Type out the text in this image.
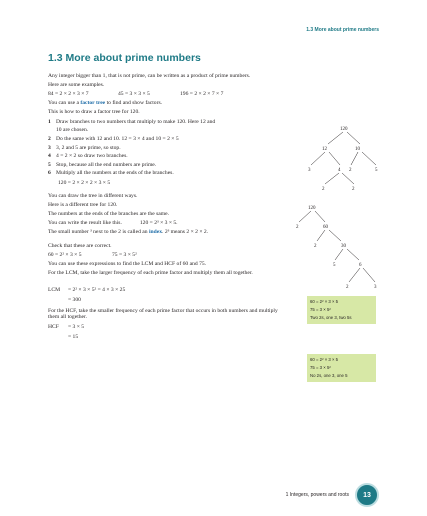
1.3 More about prime numbers
1.3 More about prime numbers
Any integer bigger than 1, that is not prime, can be written as a product of prime numbers.
Here are some examples.
84 = 2 × 2 × 3 × 7	45 = 3 × 3 × 5	196 = 2 × 2 × 7 × 7
You can use a factor tree to find and show factors.
This is how to draw a factor tree for 120.
1 Draw branches to two numbers that multiply to make 120. Here 12 and
10 are chosen.
2 Do the same with 12 and 10. 12 = 3 × 4 and 10 = 2 × 5
3 3, 2 and 5 are prime, so stop.
4 4 = 2 × 2 so draw two branches.
5 Stop, because all the end numbers are prime.
6 Multiply all the numbers at the ends of the branches.
120 = 2 × 2 × 2 × 3 × 5
You can draw the tree in different ways.
Here is a different tree for 120.
The numbers at the ends of the branches are the same.
You can write the result like this.	120 = 2³ × 3 × 5.
The small number ³ next to the 2 is called an index. 2³ means 2 × 2 × 2.
Check that these are correct.
60 = 2² × 3 × 5	75 = 3 × 5²
You can use these expressions to find the LCM and HCF of 60 and 75.
For the LCM, take the larger frequency of each prime factor and multiply them all together.
LCM = 2² × 3 × 5² = 4 × 3 × 25
= 300
For the HCF, take the smaller frequency of each prime factor that occurs in both numbers and multiply them all together.
HCF = 3 × 5
= 15
120
12	10
3	4 2	5
2	2
120
2	60
2	30
5	6
2	3
60 = 2² × 3 × 5
75 = 3 × 5²
Two 2s, one 3, two 5s
60 = 2² × 3 × 5
75 = 3 × 5²
No 2s, one 3, one 5
1 Integers, powers and roots	13
